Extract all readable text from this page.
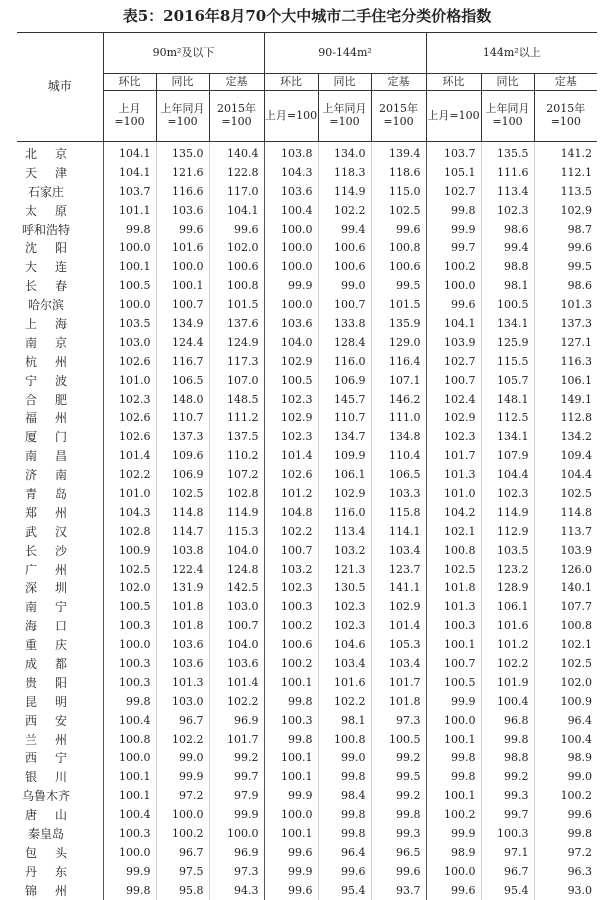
表5：2016年8月70个大中城市二手住宅分类价格指数
城市	90m²及以下			90-144m²			144m²以上		
	环比	同比	定基	环比	同比	定基	环比	同比	定基
	上月=100	上年同月=100	2015年=100	上月=100	上年同月=100	2015年=100	上月=100	上年同月=100	2015年=100
北  京	104.1	135.0	140.4	103.8	134.0	139.4	103.7	135.5	141.2
天  津	104.1	121.6	122.8	104.3	118.3	118.6	105.1	111.6	112.1
石家庄	103.7	116.6	117.0	103.6	114.9	115.0	102.7	113.4	113.5
太  原	101.1	103.6	104.1	100.4	102.2	102.5	99.8	102.3	102.9
呼和浩特	99.8	99.6	99.6	100.0	99.4	99.6	99.9	98.6	98.7
沈  阳	100.0	101.6	102.0	100.0	100.6	100.8	99.7	99.4	99.6
大  连	100.1	100.0	100.6	100.0	100.6	100.6	100.2	98.8	99.5
长  春	100.5	100.1	100.8	99.9	99.0	99.5	100.0	98.1	98.6
哈尔滨	100.0	100.7	101.5	100.0	100.7	101.5	99.6	100.5	101.3
上  海	103.5	134.9	137.6	103.6	133.8	135.9	104.1	134.1	137.3
南  京	103.0	124.4	124.9	104.0	128.4	129.0	103.9	125.9	127.1
杭  州	102.6	116.7	117.3	102.9	116.0	116.4	102.7	115.5	116.3
宁  波	101.0	106.5	107.0	100.5	106.9	107.1	100.7	105.7	106.1
合  肥	102.3	148.0	148.5	102.3	145.7	146.2	102.4	148.1	149.1
福  州	102.6	110.7	111.2	102.9	110.7	111.0	102.9	112.5	112.8
厦  门	102.6	137.3	137.5	102.3	134.7	134.8	102.3	134.1	134.2
南  昌	101.4	109.6	110.2	101.4	109.9	110.4	101.7	107.9	109.4
济  南	102.2	106.9	107.2	102.6	106.1	106.5	101.3	104.4	104.4
青  岛	101.0	102.5	102.8	101.2	102.9	103.3	101.0	102.3	102.5
郑  州	104.3	114.8	114.9	104.8	116.0	115.8	104.2	114.9	114.8
武  汉	102.8	114.7	115.3	102.2	113.4	114.1	102.1	112.9	113.7
长  沙	100.9	103.8	104.0	100.7	103.2	103.4	100.8	103.5	103.9
广  州	102.5	122.4	124.8	103.2	121.3	123.7	102.5	123.2	126.0
深  圳	102.0	131.9	142.5	102.3	130.5	141.1	101.8	128.9	140.1
南  宁	100.5	101.8	103.0	100.3	102.3	102.9	101.3	106.1	107.7
海  口	100.3	101.8	100.7	100.2	102.3	101.4	100.3	101.6	100.8
重  庆	100.0	103.6	104.0	100.6	104.6	105.3	100.1	101.2	102.1
成  都	100.3	103.6	103.6	100.2	103.4	103.4	100.7	102.2	102.5
贵  阳	100.3	101.3	101.4	100.1	101.6	101.7	100.5	101.9	102.0
昆  明	99.8	103.0	102.2	99.8	102.2	101.8	99.9	100.4	100.9
西  安	100.4	96.7	96.9	100.3	98.1	97.3	100.0	96.8	96.4
兰  州	100.8	102.2	101.7	99.8	100.8	100.5	100.1	99.8	100.4
西  宁	100.0	99.0	99.2	100.1	99.0	99.2	99.8	98.8	98.9
银  川	100.1	99.9	99.7	100.1	99.8	99.5	99.8	99.2	99.0
乌鲁木齐	100.1	97.2	97.9	99.9	98.4	99.2	100.1	99.3	100.2
唐  山	100.4	100.0	99.9	100.0	99.8	99.8	100.2	99.7	99.6
秦皇岛	100.3	100.2	100.0	100.1	99.8	99.3	99.9	100.3	99.8
包  头	100.0	96.7	96.9	99.6	96.4	96.5	98.9	97.1	97.2
丹  东	99.9	97.5	97.3	99.9	99.6	99.6	100.0	96.7	96.3
锦  州	99.8	95.8	94.3	99.6	95.4	93.7	99.6	95.4	93.0
